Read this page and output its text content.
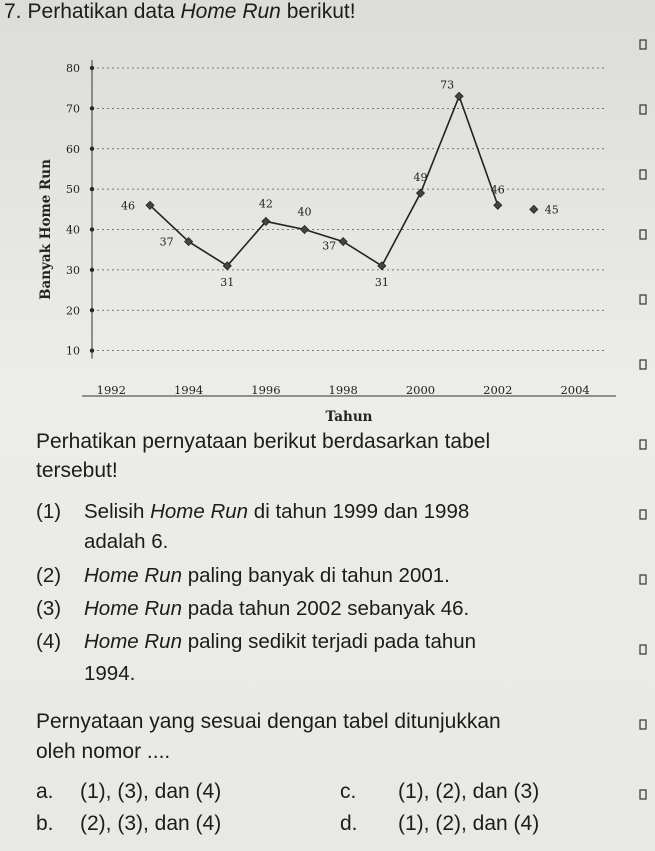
7. Perhatikan data Home Run berikut!
10
20
30
40
50
60
70
80
1992	1994	1996	1998	2000	2002	2004
Tahun
Banyak Home Run	46
37
31
42
40
37
31
49
73
46
45
Perhatikan pernyataan berikut berdasarkan tabel
tersebut!
(1) Selisih Home Run di tahun 1999 dan 1998
adalah 6.
(2) Home Run paling banyak di tahun 2001.
(3) Home Run pada tahun 2002 sebanyak 46.
(4) Home Run paling sedikit terjadi pada tahun
1994.
Pernyataan yang sesuai dengan tabel ditunjukkan
oleh nomor ....
a. (1), (3), dan (4)
b. (2), (3), dan (4)
c. (1), (2), dan (3)
d. (1), (2), dan (4)
